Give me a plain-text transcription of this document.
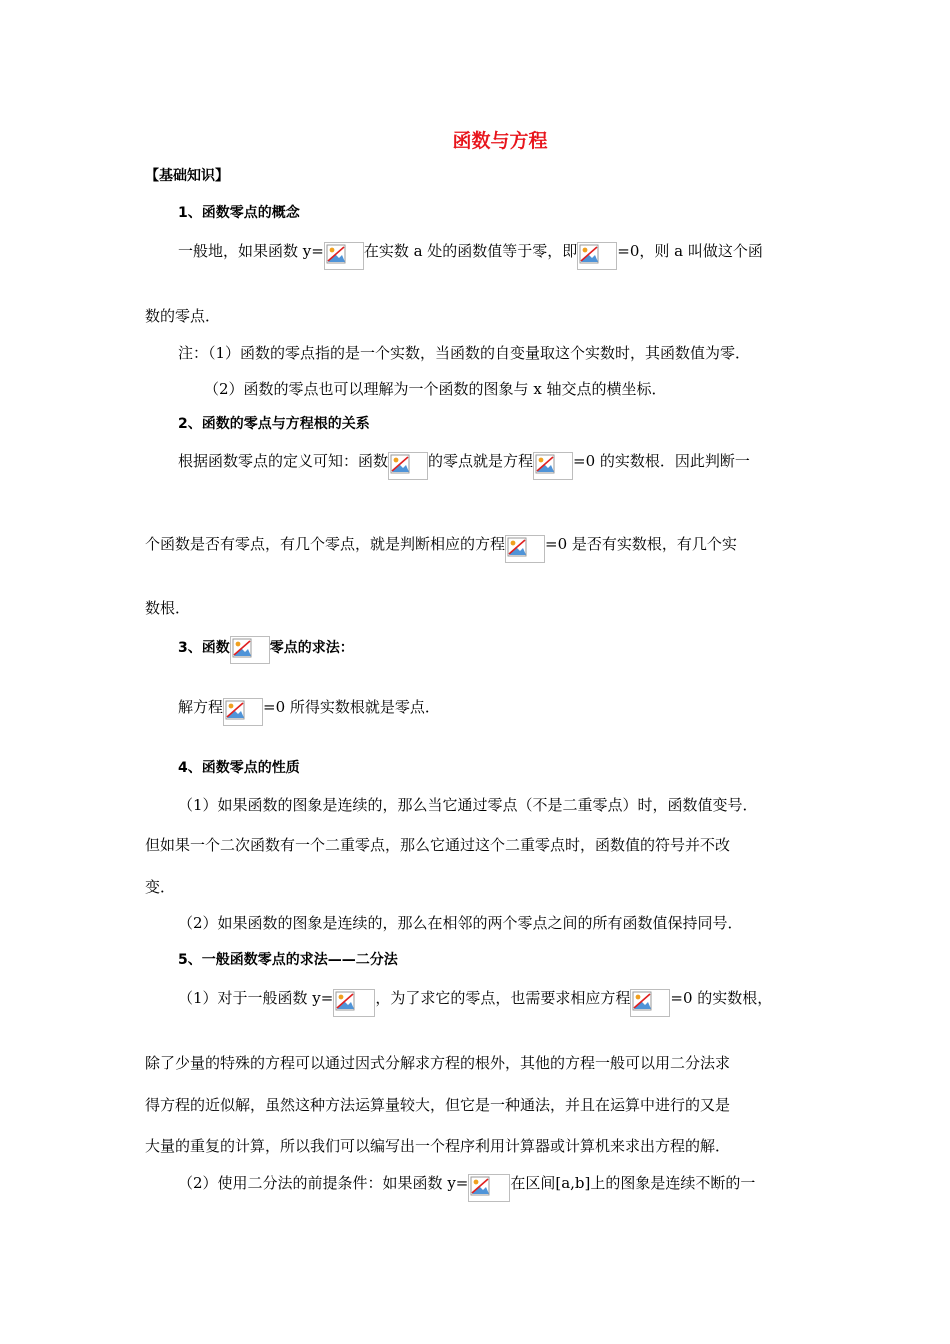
函数与方程
【基础知识】
1、函数零点的概念
一般地，如果函数 y=	在实数 a 处的函数值等于零，即	=0，则 a 叫做这个函
数的零点．
注：（1）函数的零点指的是一个实数，当函数的自变量取这个实数时，其函数值为零．
（2）函数的零点也可以理解为一个函数的图象与 x 轴交点的横坐标．
2、函数的零点与方程根的关系
根据函数零点的定义可知：函数	的零点就是方程	=0 的实数根．因此判断一
个函数是否有零点，有几个零点，就是判断相应的方程	=0 是否有实数根，有几个实
数根．
3、函数	零点的求法：
解方程	=0 所得实数根就是零点．
4、函数零点的性质
（1）如果函数的图象是连续的，那么当它通过零点（不是二重零点）时，函数值变号．
但如果一个二次函数有一个二重零点，那么它通过这个二重零点时，函数值的符号并不改
变．
（2）如果函数的图象是连续的，那么在相邻的两个零点之间的所有函数值保持同号．
5、一般函数零点的求法——二分法
（1）对于一般函数 y=	，为了求它的零点，也需要求相应方程	=0 的实数根，
除了少量的特殊的方程可以通过因式分解求方程的根外，其他的方程一般可以用二分法求
得方程的近似解，虽然这种方法运算量较大，但它是一种通法，并且在运算中进行的又是
大量的重复的计算，所以我们可以编写出一个程序利用计算器或计算机来求出方程的解．
（2）使用二分法的前提条件：如果函数 y=	在区间[a,b]上的图象是连续不断的一
